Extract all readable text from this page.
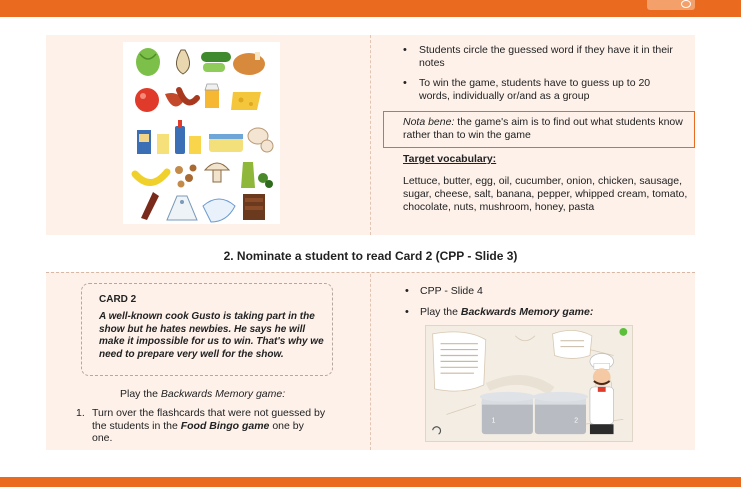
• Students circle the guessed word if they have it in their notes
• To win the game, students have to guess up to 20 words, individually or/and as a group
Nota bene: the game's aim is to find out what students know rather than to win the game
Target vocabulary:
Lettuce, butter, egg, oil, cucumber, onion, chicken, sausage, sugar, cheese, salt, banana, pepper, whipped cream, tomato, chocolate, nuts, mushroom, honey, pasta
2. Nominate a student to read Card 2 (CPP - Slide 3)
CARD 2
A well-known cook Gusto is taking part in the show but he hates newbies. He says he will make it impossible for us to win. That's why we need to prepare very well for the show.
Play the Backwards Memory game:
1. Turn over the flashcards that were not guessed by the students in the Food Bingo game one by one.
• CPP - Slide 4
• Play the Backwards Memory game:
1	2
